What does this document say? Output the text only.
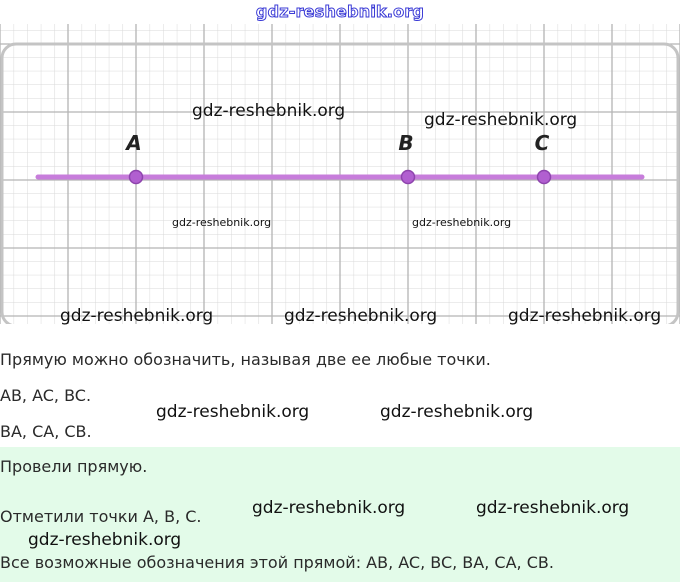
gdz-reshebnik.org
A	B	C
gdz-reshebnik.org	gdz-reshebnik.org
gdz-reshebnik.org	gdz-reshebnik.org
gdz-reshebnik.org	gdz-reshebnik.org	gdz-reshebnik.org
Прямую можно обозначить, называя две ее любые точки.
AB, AC, BC.
gdz-reshebnik.org	gdz-reshebnik.org
BA, CA, CB.
Провели прямую.
Отметили точки A, B, C.	gdz-reshebnik.org	gdz-reshebnik.org
gdz-reshebnik.org
Все возможные обозначения этой прямой: AB, AC, BC, BA, CA, CB.
